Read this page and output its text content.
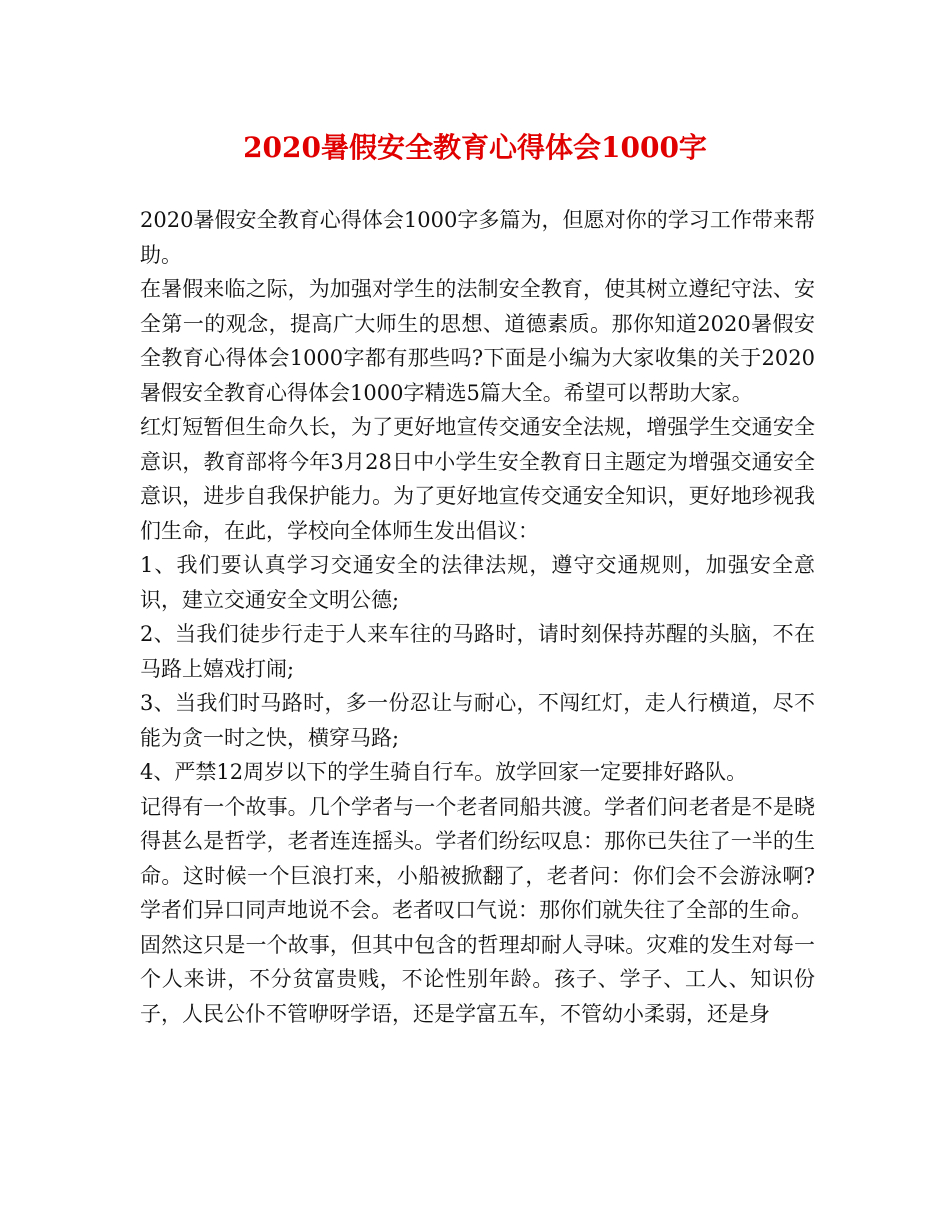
2020暑假安全教育心得体会1000字

2020暑假安全教育心得体会1000字多篇为，但愿对你的学习工作带来帮助。

在暑假来临之际，为加强对学生的法制安全教育，使其树立遵纪守法、安全第一的观念，提高广大师生的思想、道德素质。那你知道2020暑假安全教育心得体会1000字都有那些吗?下面是小编为大家收集的关于2020暑假安全教育心得体会1000字精选5篇大全。希望可以帮助大家。

红灯短暂但生命久长，为了更好地宣传交通安全法规，增强学生交通安全意识，教育部将今年3月28日中小学生安全教育日主题定为增强交通安全意识，进步自我保护能力。为了更好地宣传交通安全知识，更好地珍视我们生命，在此，学校向全体师生发出倡议：

1、我们要认真学习交通安全的法律法规，遵守交通规则，加强安全意识，建立交通安全文明公德;

2、当我们徒步行走于人来车往的马路时，请时刻保持苏醒的头脑，不在马路上嬉戏打闹;

3、当我们时马路时，多一份忍让与耐心，不闯红灯，走人行横道，尽不能为贪一时之快，横穿马路;

4、严禁12周岁以下的学生骑自行车。放学回家一定要排好路队。

记得有一个故事。几个学者与一个老者同船共渡。学者们问老者是不是晓得甚么是哲学，老者连连摇头。学者们纷纭叹息：那你已失往了一半的生命。这时候一个巨浪打来，小船被掀翻了，老者问：你们会不会游泳啊?学者们异口同声地说不会。老者叹口气说：那你们就失往了全部的生命。

固然这只是一个故事，但其中包含的哲理却耐人寻味。灾难的发生对每一个人来讲，不分贫富贵贱，不论性别年龄。孩子、学子、工人、知识份子，人民公仆不管咿呀学语，还是学富五车，不管幼小柔弱，还是身
